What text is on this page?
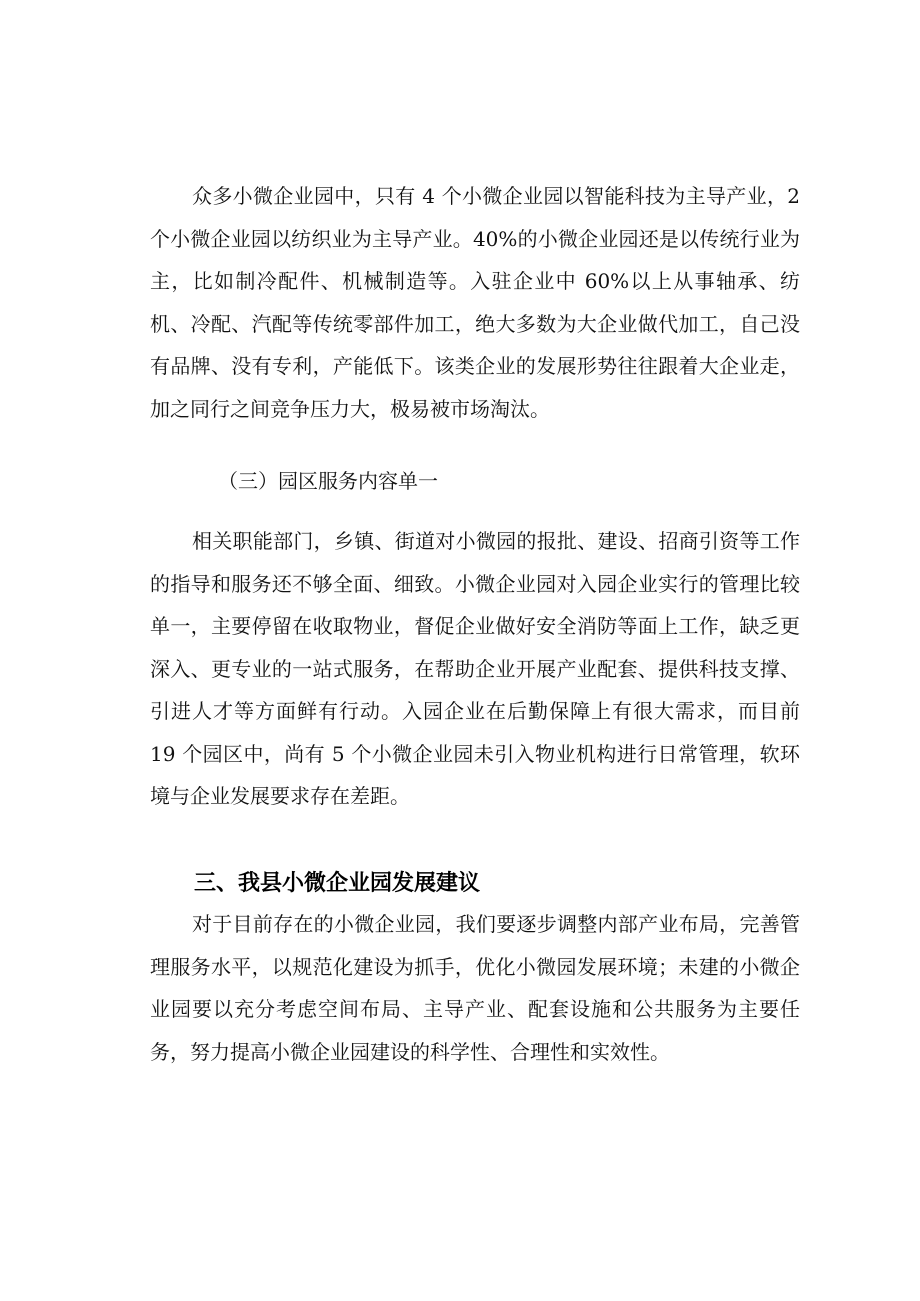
众多小微企业园中，只有 4 个小微企业园以智能科技为主导产业，2 个小微企业园以纺织业为主导产业。40%的小微企业园还是以传统行业为主，比如制冷配件、机械制造等。入驻企业中 60%以上从事轴承、纺机、冷配、汽配等传统零部件加工，绝大多数为大企业做代加工，自己没有品牌、没有专利，产能低下。该类企业的发展形势往往跟着大企业走，加之同行之间竞争压力大，极易被市场淘汰。

（三）园区服务内容单一

相关职能部门，乡镇、街道对小微园的报批、建设、招商引资等工作的指导和服务还不够全面、细致。小微企业园对入园企业实行的管理比较单一，主要停留在收取物业，督促企业做好安全消防等面上工作，缺乏更深入、更专业的一站式服务，在帮助企业开展产业配套、提供科技支撑、引进人才等方面鲜有行动。入园企业在后勤保障上有很大需求，而目前 19 个园区中，尚有 5 个小微企业园未引入物业机构进行日常管理，软环境与企业发展要求存在差距。

三、我县小微企业园发展建议

对于目前存在的小微企业园，我们要逐步调整内部产业布局，完善管理服务水平，以规范化建设为抓手，优化小微园发展环境；未建的小微企业园要以充分考虑空间布局、主导产业、配套设施和公共服务为主要任务，努力提高小微企业园建设的科学性、合理性和实效性。
